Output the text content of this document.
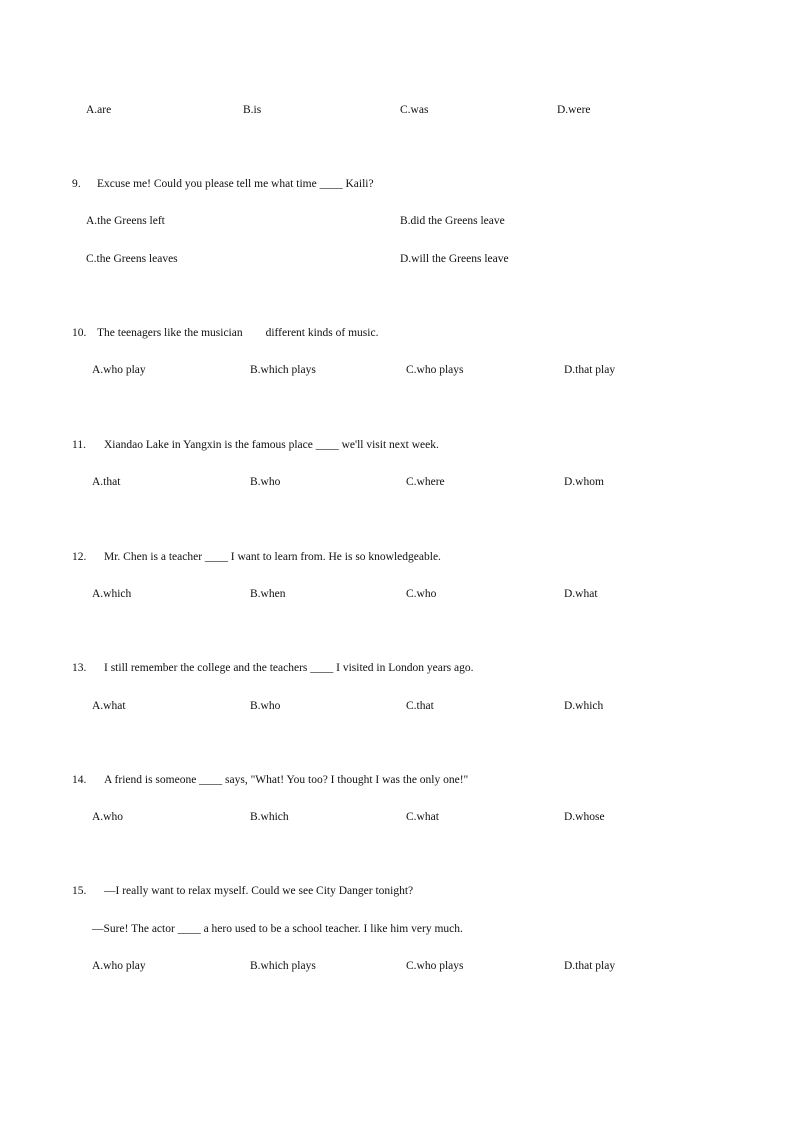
A.are	B.is	C.was	D.were
9. Excuse me! Could you please tell me what time ____ Kaili?
A.the Greens left	B.did the Greens leave
C.the Greens leaves	D.will the Greens leave
10. The teenagers like the musician        different kinds of music.
A.who play	B.which plays	C.who plays	D.that play
11. Xiandao Lake in Yangxin is the famous place ____ we'll visit next week.
A.that	B.who	C.where	D.whom
12. Mr. Chen is a teacher ____ I want to learn from. He is so knowledgeable.
A.which	B.when	C.who	D.what
13. I still remember the college and the teachers ____ I visited in London years ago.
A.what	B.who	C.that	D.which
14. A friend is someone ____ says, "What! You too? I thought I was the only one!"
A.who	B.which	C.what	D.whose
15. —I really want to relax myself. Could we see City Danger tonight?
—Sure! The actor ____ a hero used to be a school teacher. I like him very much.
A.who play	B.which plays	C.who plays	D.that play
